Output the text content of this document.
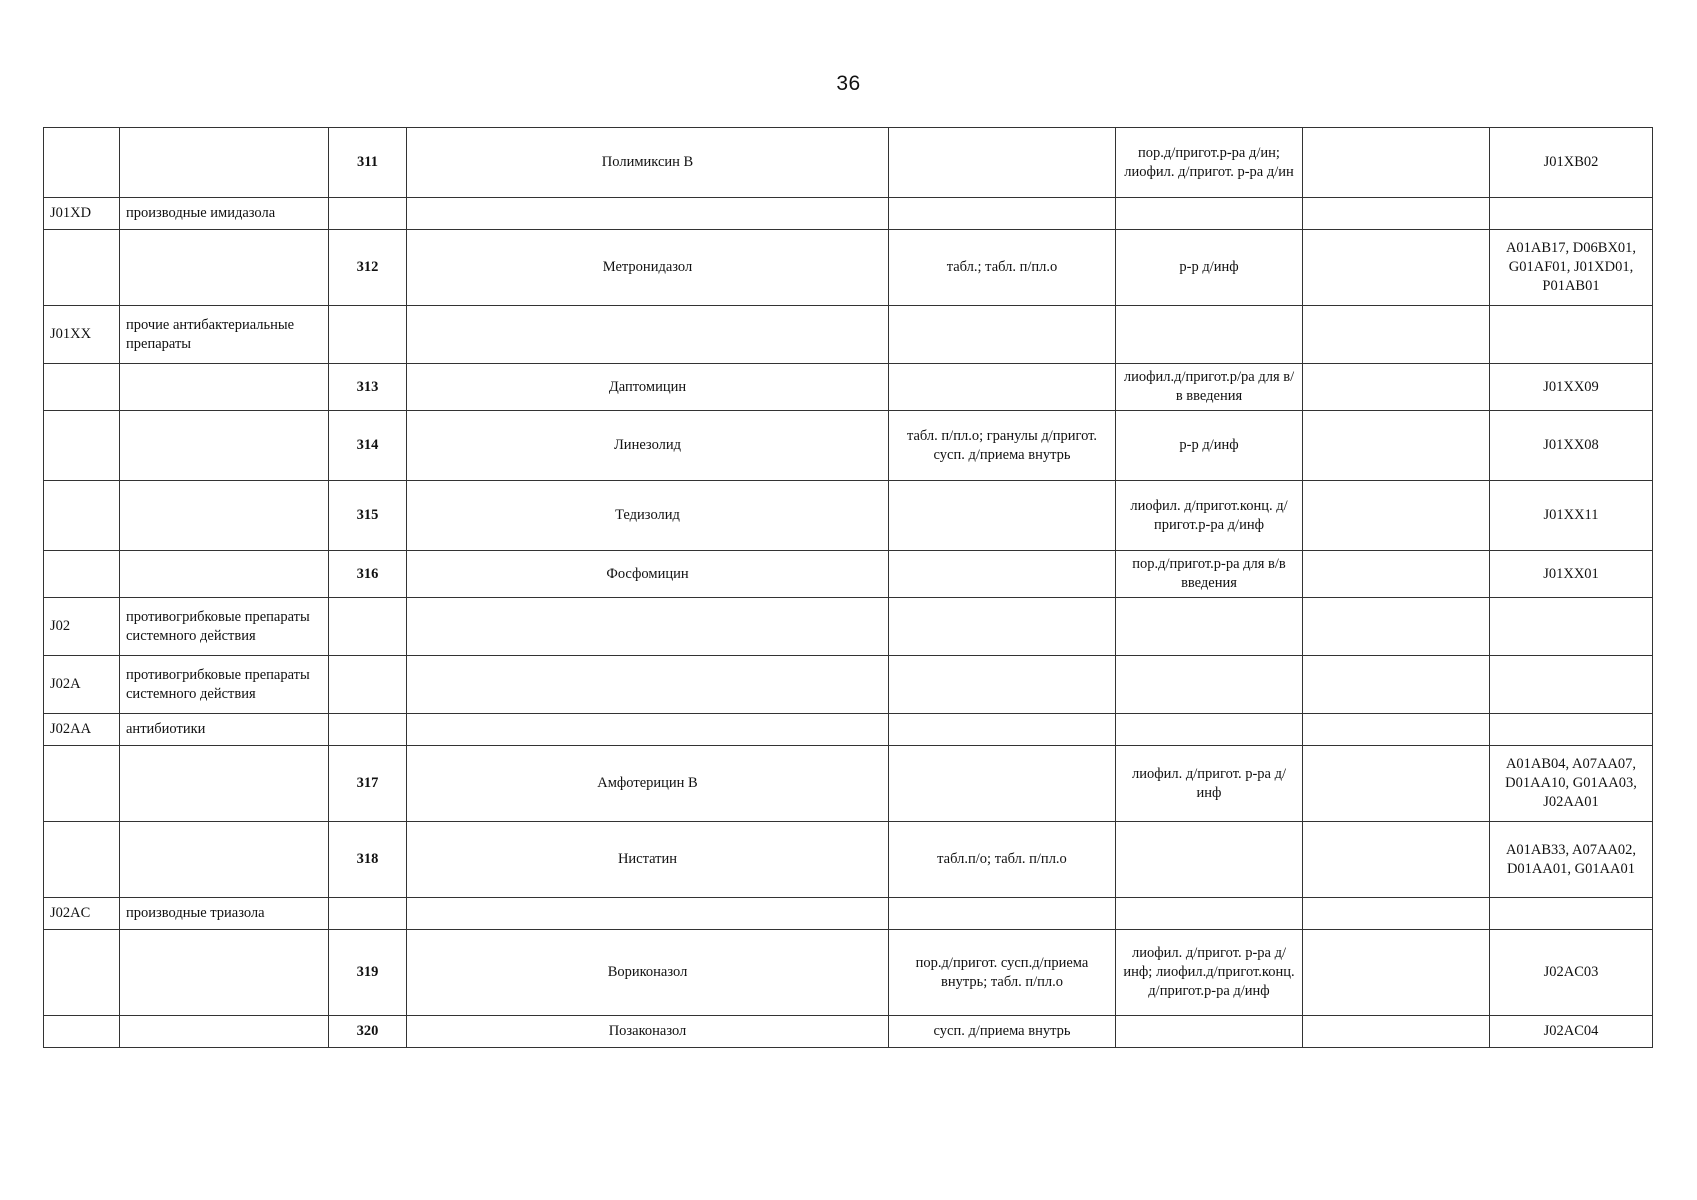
36
		311	Полимиксин В		пор.д/пригот.р-ра д/ин; лиофил. д/пригот. р-ра д/ин		J01XB02
J01XD	производные имидазола						
		312	Метронидазол	табл.; табл. п/пл.о	р-р д/инф		A01AB17, D06BX01, G01AF01, J01XD01, P01AB01
J01XX	прочие антибактериальные препараты						
		313	Даптомицин		лиофил.д/пригот.р/ра для в/в введения		J01XX09
		314	Линезолид	табл. п/пл.о; гранулы д/пригот. сусп. д/приема внутрь	р-р д/инф		J01XX08
		315	Тедизолид		лиофил. д/пригот.конц. д/пригот.р-ра д/инф		J01XX11
		316	Фосфомицин		пор.д/пригот.р-ра для в/в введения		J01XX01
J02	противогрибковые препараты системного действия						
J02A	противогрибковые препараты системного действия						
J02AA	антибиотики						
		317	Амфотерицин В		лиофил. д/пригот. р-ра д/инф		A01AB04, A07AA07, D01AA10, G01AA03, J02AA01
		318	Нистатин	табл.п/о; табл. п/пл.о			A01AB33, A07AA02, D01AA01, G01AA01
J02AC	производные триазола						
		319	Вориконазол	пор.д/пригот. сусп.д/приема внутрь; табл. п/пл.о	лиофил. д/пригот. р-ра д/инф; лиофил.д/пригот.конц. д/пригот.р-ра д/инф		J02AC03
		320	Позаконазол	сусп. д/приема внутрь			J02AC04
